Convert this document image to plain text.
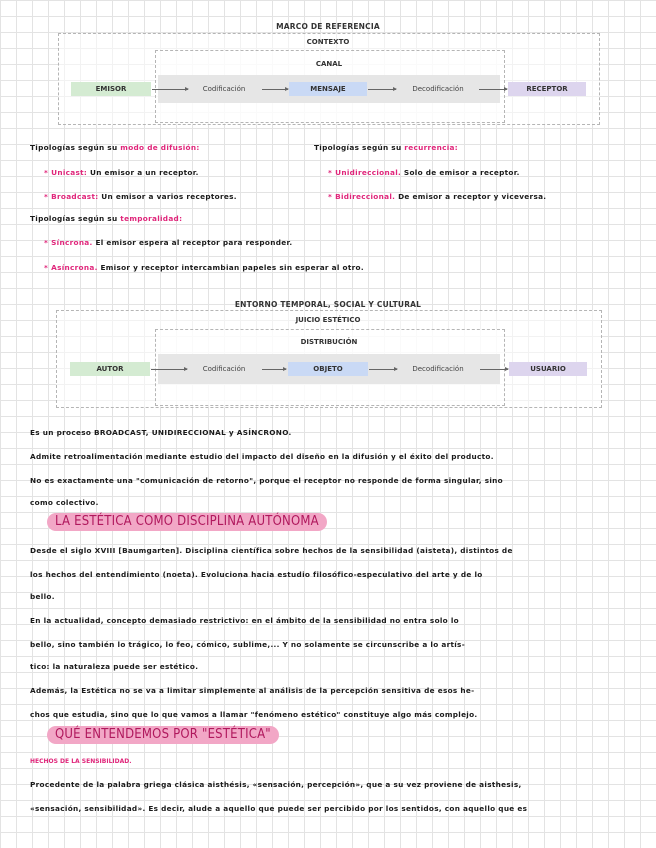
MARCO DE REFERENCIA
CONTEXTO
CANAL
EMISOR	Codificación	MENSAJE	Decodificación	RECEPTOR
Tipologías según su modo de difusión:
* Unicast: Un emisor a un receptor.
* Broadcast: Un emisor a varios receptores.
Tipologías según su recurrencia:
* Unidireccional. Solo de emisor a receptor.
* Bidireccional. De emisor a receptor y viceversa.
Tipologías según su temporalidad:
* Síncrona. El emisor espera al receptor para responder.
* Asíncrona. Emisor y receptor intercambian papeles sin esperar al otro.
ENTORNO TEMPORAL, SOCIAL Y CULTURAL
JUICIO ESTÉTICO
DISTRIBUCIÓN
AUTOR	Codificación	OBJETO	Decodificación	USUARIO
Es un proceso BROADCAST, UNIDIRECCIONAL y ASÍNCRONO.
Admite retroalimentación mediante estudio del impacto del diseño en la difusión y el éxito del producto.
No es exactamente una "comunicación de retorno", porque el receptor no responde de forma singular, sino
como colectivo.
LA ESTÉTICA COMO DISCIPLINA AUTÓNOMA
Desde el siglo XVIII [Baumgarten]. Disciplina científica sobre hechos de la sensibilidad (aisteta), distintos de
los hechos del entendimiento (noeta). Evoluciona hacia estudio filosófico-especulativo del arte y de lo
bello.
En la actualidad, concepto demasiado restrictivo: en el ámbito de la sensibilidad no entra solo lo
bello, sino también lo trágico, lo feo, cómico, sublime,... Y no solamente se circunscribe a lo artís-
tico: la naturaleza puede ser estético.
Además, la Estética no se va a limitar simplemente al análisis de la percepción sensitiva de esos he-
chos que estudia, sino que lo que vamos a llamar "fenómeno estético" constituye algo más complejo.
QUÉ ENTENDEMOS POR "ESTÉTICA"
HECHOS DE LA SENSIBILIDAD.
Procedente de la palabra griega clásica aisthésis, «sensación, percepción», que a su vez proviene de aisthesis,
«sensación, sensibilidad». Es decir, alude a aquello que puede ser percibido por los sentidos, con aquello que es
